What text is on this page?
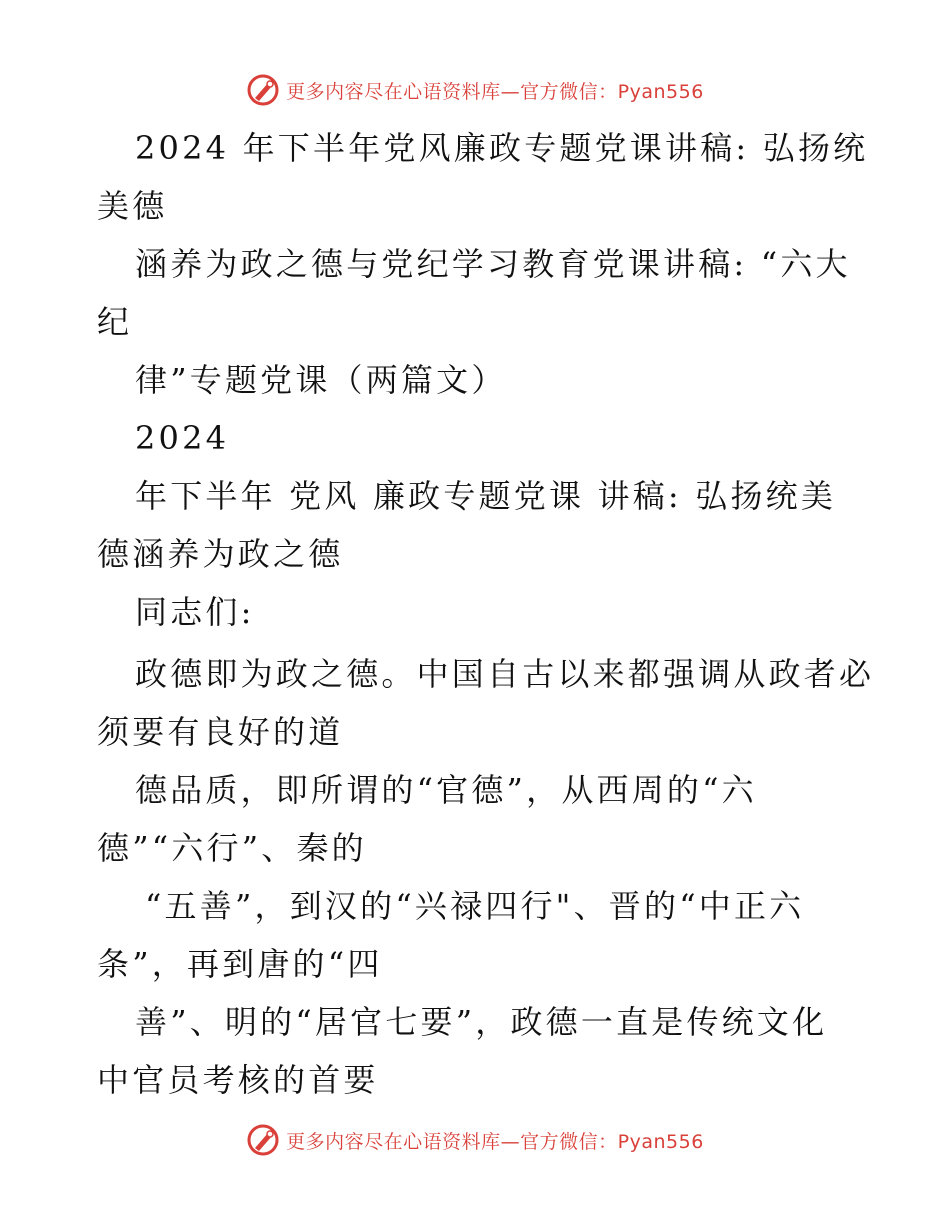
更多内容尽在心语资料库—官方微信：Pyan556
2024 年下半年党风廉政专题党课讲稿: 弘扬统
美德
涵养为政之德与党纪学习教育党课讲稿: “六大
纪
律”专题党课（两篇文）
2024
年下半年 党风 廉政专题党课 讲稿: 弘扬统美
德涵养为政之德
同志们:
政德即为政之德。中国自古以来都强调从政者必
须要有良好的道
德品质，即所谓的“官德”，从西周的“六
德”“六行”、秦的
“五善”，到汉的“兴禄四行"、晋的“中正六
条”，再到唐的“四
善”、明的“居官七要”，政德一直是传统文化
中官员考核的首要
更多内容尽在心语资料库—官方微信：Pyan556
